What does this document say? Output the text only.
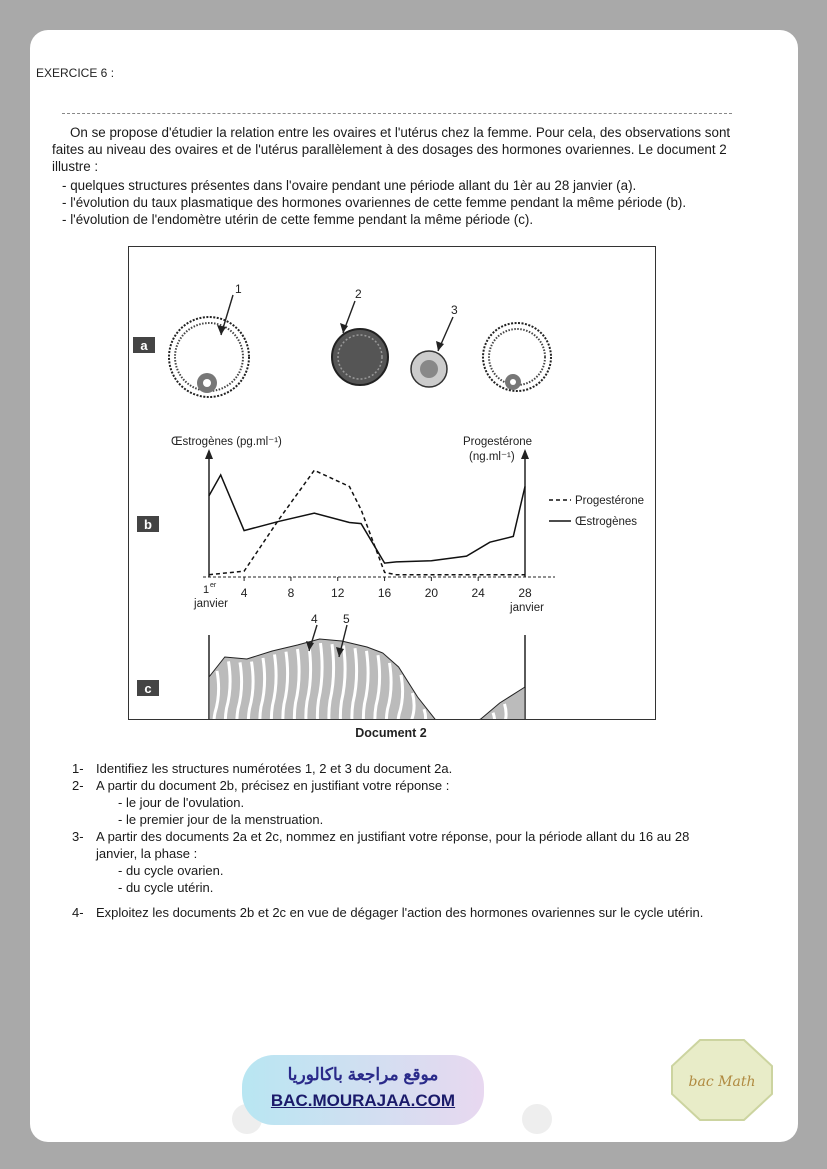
EXERCICE 6 :

On se propose d'étudier la relation entre les ovaires et l'utérus chez la femme. Pour cela, des observations sont faites au niveau des ovaires et de l'utérus parallèlement à des dosages des hormones ovariennes. Le document 2 illustre :

- quelques structures présentes dans l'ovaire pendant une période allant du 1èr au 28 janvier (a).
- l'évolution du taux plasmatique des hormones ovariennes de cette femme pendant la même période (b).
- l'évolution de l'endomètre utérin de cette femme pendant la même période (c).
a
b
c
1	2
3
Œstrogènes (pg.ml⁻¹)	Progestérone
(ng.ml⁻¹)
4	8	12	16	20	24
1 er
janvier
28
janvier
Progestérone
Œstrogènes
4 5
Document 2
1- Identifiez les structures numérotées 1, 2 et 3 du document 2a.
2- A partir du document 2b, précisez en justifiant votre réponse :
- le jour de l'ovulation.
- le premier jour de la menstruation.
3- A partir des documents 2a et 2c, nommez en justifiant votre réponse, pour la période allant du 16 au 28 janvier, la phase :
- du cycle ovarien.
- du cycle utérin.
4- Exploitez les documents 2b et 2c en vue de dégager l'action des hormones ovariennes sur le cycle utérin.
موقع مراجعة باكالوريا
BAC.MOURAJAA.COM
bac Math
